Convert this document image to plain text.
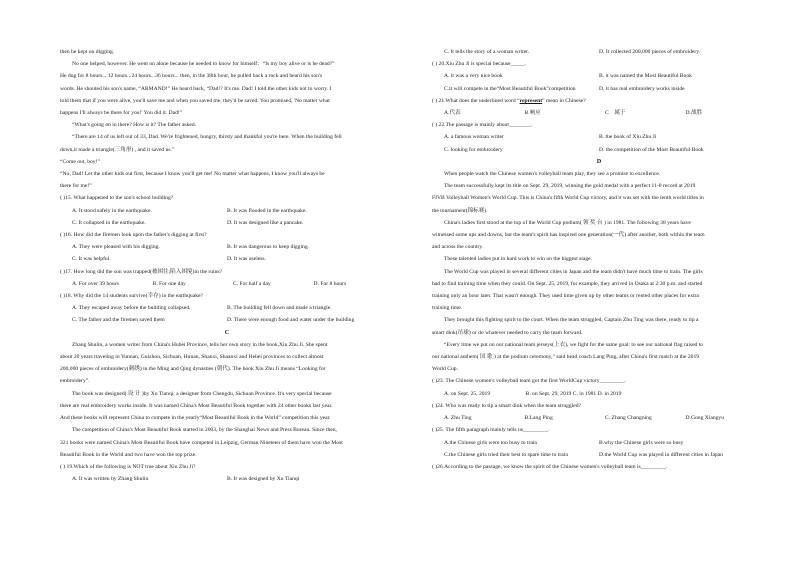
then he kept on digging.
No one helped, however. He went on alone because he needed to know for himself：“Is my boy alive or is he dead?”
He dug for 8 hours... 12 hours...24 hours...36 hours... then, in the 38th hour, he pulled back a rock and heard his son's
words. He shouted his son's name, “ARMAND!” He heard back, “Dad!? It's me. Dad! I told the other kids not to worry. I
told them that if you were alive, you'll save me and when you saved me, they'd be saved. You promised, 'No matter what
happens I'll always be there for you!' You did it. Dad!”
“What's going on in there? How is it? The father asked.
“There are 14 of us left out of 33, Dad. We're frightened, hungry, thirsty and thankful you're here. When the building fell
down,it made a triangle(三角形) , and it saved us.”
“Come out, boy!”
“No, Dad! Let the other kids out first, because I know you'll get me! No matter what happens, I know you'll always be
there for me!”
( )15. What happened to the son's school building?
A. It stood safely in the earthquake.	B. It was flooded in the earthquake.
C. It collapsed in the earthquake.	D. It was designed like a pancake.
( )16. How did the firemen look upon the father's digging at first?
A. They were pleased with his digging.	B. It was dangerous to keep digging.
C. It was helpful.	D. It was useless.
( )17. How long did the son was trapped(被困住;陷入困境)in the ruins?
A. For over 39 hours	B. For one day	C. For half a day	D. For 8 hours
( )18. Why did the 14 students survive(幸存) in the earthquake?
A. They escaped away before the building collapsed.	B. The building fell down and made a triangle.
C. The father and the firemen saved them	D. There were enough food and water under the building
C
Zhang Shulin, a women writer from China's Hubei Province, tells her own story in the book,Xiu Zhu Ji. She spent
about 20 years traveling in Yunnan, Guizhou, Sichuan, Hunan, Shanxi, Shaanxi and Hebei provinces to collect almost
200,000 pieces of embroidery(刺绣) in the Ming and Qing dynasties (朝代). The book Xiu Zhu Ji means “Looking for
embroidery”.
The book was designed( 设 计 )by Xu Tianqi, a designer from Chengdu, Sichuan Province. It's very special because
there are real embroidery works inside. It was named China's Most Beautiful Book together with 24 other books last year.
And these books will represent China to compete in the yearly“Most Beautiful Book in the World” competition this year.
The competition of China's Most Beautiful Book started in 2003, by the Shanghai News and Press Bureau. Since then,
321 books were named China's Most Beautiful Book have competed in Leipzig, German Nineteen of them have won the Most
Beautiful Book in the World and two have won the top prize.
( ) 19.Which of the following is NOT true about Xiu Zhu Ji?
A. It was written by Zhang Shulin	B. It was designed by Xu Tianqi
C. It tells the story of a woman writer.	D. It collected 200,000 pieces of embroidery.
( ) 20.Xiu Zhu Ji is special because_____.
A. it was a very nice book	B. it was named the Most Beautiful Book
C.it will compete in the“Most Beautiful Book”competition	D. it has real embroidery works inside
( ) 21.What does the underlined word “represent” mean in Chinese?
A.代表	B.响应	C　属于	D.战胜
( ) 22.The passage is mainly about________.
A. a famous woman writer	B. the book of Xiu Zhu Ji
C. looking for embroidery	D. the competition of the Most Beautiful Book
D
When people watch the Chinese women's volleyball team play, they see a promise to excellence.
The team successfully kept its title on Sept. 29, 2019, winning the gold medal with a perfect 11-0 record at 2019
FIVB Volleyball Women's World Cup. This is China's fifth World Cup victory, and it was set with the tenth world titles in
the tournament(锦标赛).
China's ladies first stood at the top of the World Cup podium( 领 奖 台 ) in 1981. The following 38 years have
witnessed some ups and downs, but the team's spirit has inspired one generation(一代) after another, both within the team
and across the country.
These talented ladies put in hard work to win on the biggest stage.
The World Cup was played in several different cities in Japan and the team didn't have much time to train. The girls
had to find training time when they could. On Sept. 25, 2019, for example, they arrived in Osaka at 2:30 p.m. and started
training only an hour later. That wasn't enough. They used time given up by other teams or rented other places for extra
training time.
They brought this fighting spirit to the court. When the team struggled, Captain Zhu Ting was there, ready to tip a
smart dink(吊球) or do whatever needed to carry the team forward.
“Every time we put on our national team jerseys(上衣), we fight for the same goal: to see our national flag raised to
our national anthem( 国 歌 ) at the podium ceremony,” said head coach Lang Ping, after China's first match at the 2019
World Cup.
( )23. The Chinese women's volleyball team got the first WorldCup victory_________.
A. on Sept. 25, 2019	B. on Sept. 29, 2019 C. in 1981 D. in 2019
( )24. Who was ready to tip a smart dink when the team struggled?
A. Zhu Ting	B.Lang Ping	C. Zhang Changning	D.Gong Xiangyu
( )25. The fifth paragraph mainly tells us_________.
A.the Chinese girls were too busy to train	B.why the Chinese girls were so busy
C.the Chinese girls tried their best to spare time to train	D.the World Cup was played in different cities in Japan
( )26.According to the passage, we know the spirit of the Chinese women's volleyball team is_________.
